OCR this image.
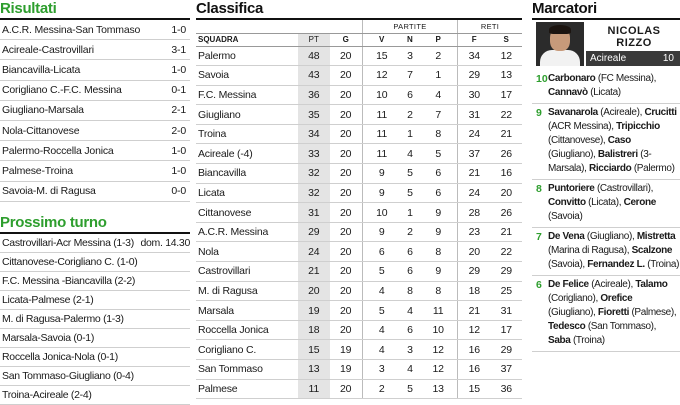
Risultati
A.C.R. Messina-San Tommaso	1-0
Acireale-Castrovillari	3-1
Biancavilla-Licata	1-0
Corigliano C.-F.C. Messina	0-1
Giugliano-Marsala	2-1
Nola-Cittanovese	2-0
Palermo-Roccella Jonica	1-0
Palmese-Troina	1-0
Savoia-M. di Ragusa	0-0
Prossimo turno
Castrovillari-Acr Messina (1-3) dom. 14.30
Cittanovese-Corigliano C. (1-0)
F.C. Messina -Biancavilla (2-2)
Licata-Palmese (2-1)
M. di Ragusa-Palermo (1-3)
Marsala-Savoia (0-1)
Roccella Jonica-Nola (0-1)
San Tommaso-Giugliano (0-4)
Troina-Acireale (2-4)
Classifica
			PARTITE			RETI	
SQUADRA	PT	G	V	N	P	F	S
Palermo	48	20	15	3	2	34	12
Savoia	43	20	12	7	1	29	13
F.C. Messina	36	20	10	6	4	30	17
Giugliano	35	20	11	2	7	31	22
Troina	34	20	11	1	8	24	21
Acireale (-4)	33	20	11	4	5	37	26
Biancavilla	32	20	9	5	6	21	16
Licata	32	20	9	5	6	24	20
Cittanovese	31	20	10	1	9	28	26
A.C.R. Messina	29	20	9	2	9	23	21
Nola	24	20	6	6	8	20	22
Castrovillari	21	20	5	6	9	29	29
M. di Ragusa	20	20	4	8	8	18	25
Marsala	19	20	5	4	11	21	31
Roccella Jonica	18	20	4	6	10	12	17
Corigliano C.	15	19	4	3	12	16	29
San Tommaso	13	19	3	4	12	16	37
Palmese	11	20	2	5	13	15	36
Marcatori
NICOLAS
RIZZO
Acireale	10
10 Carbonaro (FC Messina), Cannavò (Licata)
9 Savanarola (Acireale), Crucitti (ACR Messina), Tripicchio (Cittanovese), Caso (Giugliano), Balistreri (3-Marsala), Ricciardo (Palermo)
8 Puntoriere (Castrovillari), Convitto (Licata), Cerone (Savoia)
7 De Vena (Giugliano), Mistretta (Marina di Ragusa), Scalzone (Savoia), Fernandez L. (Troina)
6 De Felice (Acireale), Talamo (Corigliano), Orefice (Giugliano), Fioretti (Palmese), Tedesco (San Tommaso), Saba (Troina)
